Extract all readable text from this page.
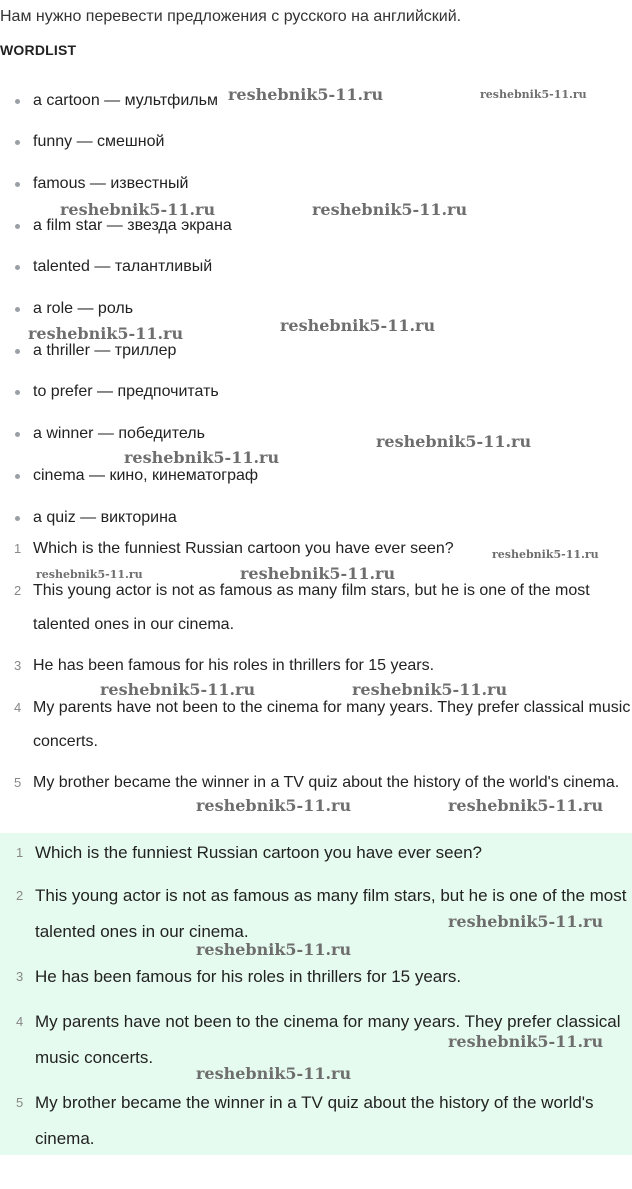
Нам нужно перевести предложения с русского на английский.
WORDLIST
a cartoon — мультфильм
funny — смешной
famous — известный
a film star — звезда экрана
talented — талантливый
a role — роль
a thriller — триллер
to prefer — предпочитать
a winner — победитель
cinema — кино, кинематограф
a quiz — викторина
1 Which is the funniest Russian cartoon you have ever seen?
2 This young actor is not as famous as many film stars, but he is one of the most talented ones in our cinema.
3 He has been famous for his roles in thrillers for 15 years.
4 My parents have not been to the cinema for many years. They prefer classical music concerts.
5 My brother became the winner in a TV quiz about the history of the world's cinema.
1 Which is the funniest Russian cartoon you have ever seen?
2 This young actor is not as famous as many film stars, but he is one of the most talented ones in our cinema.
3 He has been famous for his roles in thrillers for 15 years.
4 My parents have not been to the cinema for many years. They prefer classical music concerts.
5 My brother became the winner in a TV quiz about the history of the world's cinema.
reshebnik5-11.ru	reshebnik5-11.ru
reshebnik5-11.ru	reshebnik5-11.ru
reshebnik5-11.ru	reshebnik5-11.ru
reshebnik5-11.ru
reshebnik5-11.ru
reshebnik5-11.ru
reshebnik5-11.ru	reshebnik5-11.ru
reshebnik5-11.ru	reshebnik5-11.ru
reshebnik5-11.ru	reshebnik5-11.ru
reshebnik5-11.ru
reshebnik5-11.ru
reshebnik5-11.ru
reshebnik5-11.ru
